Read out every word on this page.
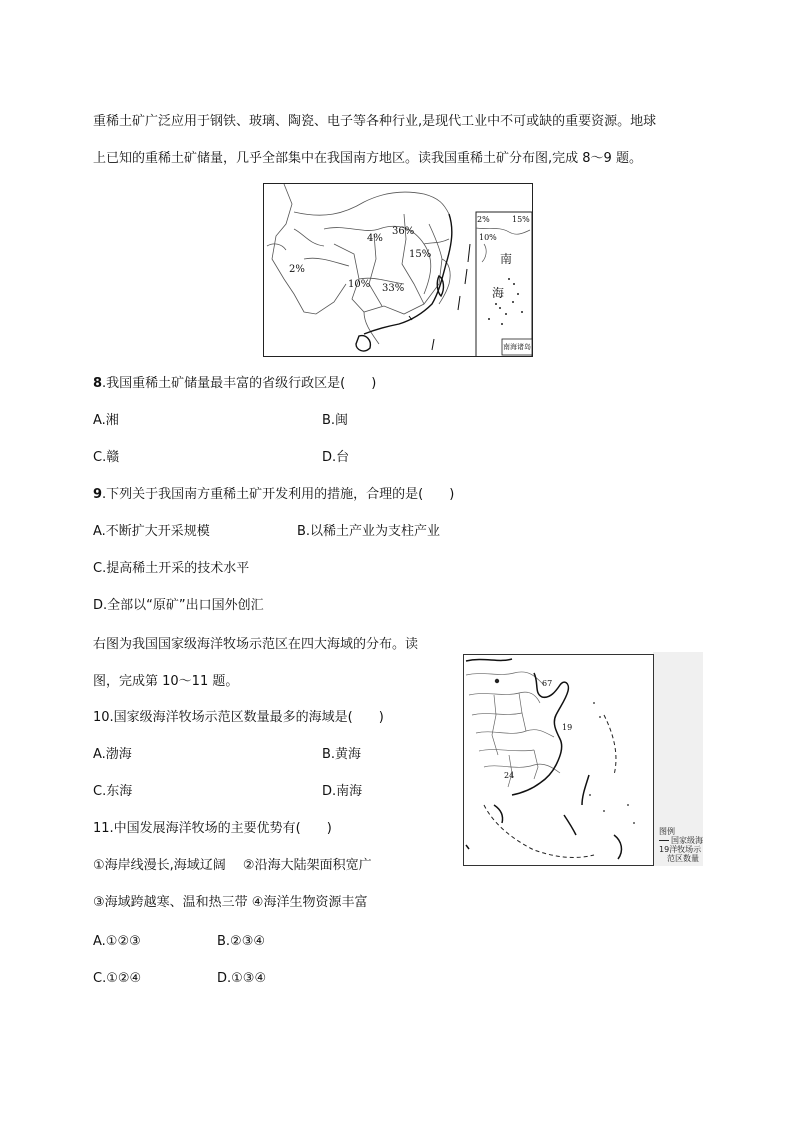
重稀土矿广泛应用于钢铁、玻璃、陶瓷、电子等各种行业,是现代工业中不可或缺的重要资源。地球
上已知的重稀土矿储量，几乎全部集中在我国南方地区。读我国重稀土矿分布图,完成 8～9 题。
2%
4%
36%
15%
10% 33%
2%	15%
10%
南
海
南海诸岛
8.我国重稀土矿储量最丰富的省级行政区是(　　)
A.湘	B.闽
C.赣	D.台
9.下列关于我国南方重稀土矿开发利用的措施，合理的是(　　)
A.不断扩大开采规模	B.以稀土产业为支柱产业
C.提高稀土开采的技术水平
D.全部以“原矿”出口国外创汇
右图为我国国家级海洋牧场示范区在四大海域的分布。读
图，完成第 10～11 题。	67
19
24
图例
国家级海
19洋牧场示
范区数量
10.国家级海洋牧场示范区数量最多的海域是(　　)
A.渤海	B.黄海
C.东海	D.南海
11.中国发展海洋牧场的主要优势有(　　)
①海岸线漫长,海域辽阔　 ②沿海大陆架面积宽广
③海域跨越寒、温和热三带 ④海洋生物资源丰富
A.①②③	B.②③④
C.①②④	D.①③④
